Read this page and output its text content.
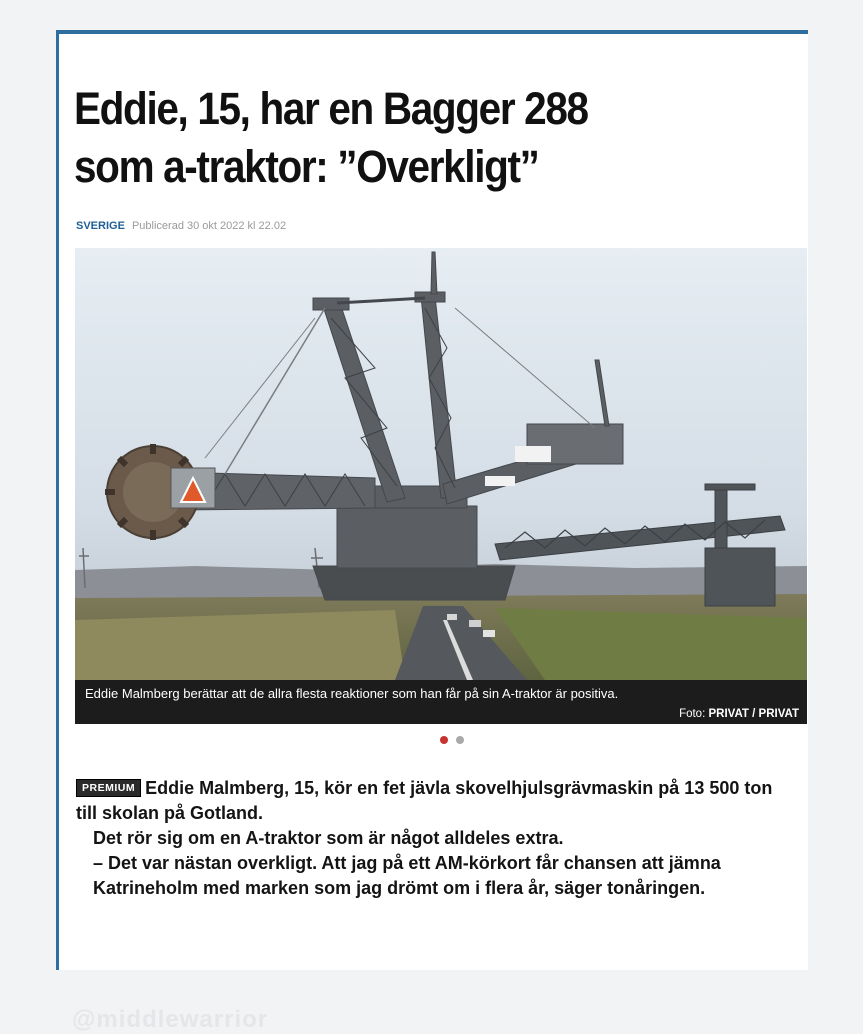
Eddie, 15, har en Bagger 288
som a-traktor: ”Overkligt”
SVERIGE Publicerad 30 okt 2022 kl 22.02
Eddie Malmberg berättar att de allra flesta reaktioner som han får på sin A-traktor är positiva.
Foto: PRIVAT / PRIVAT

PREMIUM Eddie Malmberg, 15, kör en fet jävla skovelhjulsgrävmaskin på 13 500 ton till skolan på Gotland.

Det rör sig om en A-traktor som är något alldeles extra.

– Det var nästan overkligt. Att jag på ett AM-körkort får chansen att jämna Katrineholm med marken som jag drömt om i flera år, säger tonåringen.

@middlewarrior
